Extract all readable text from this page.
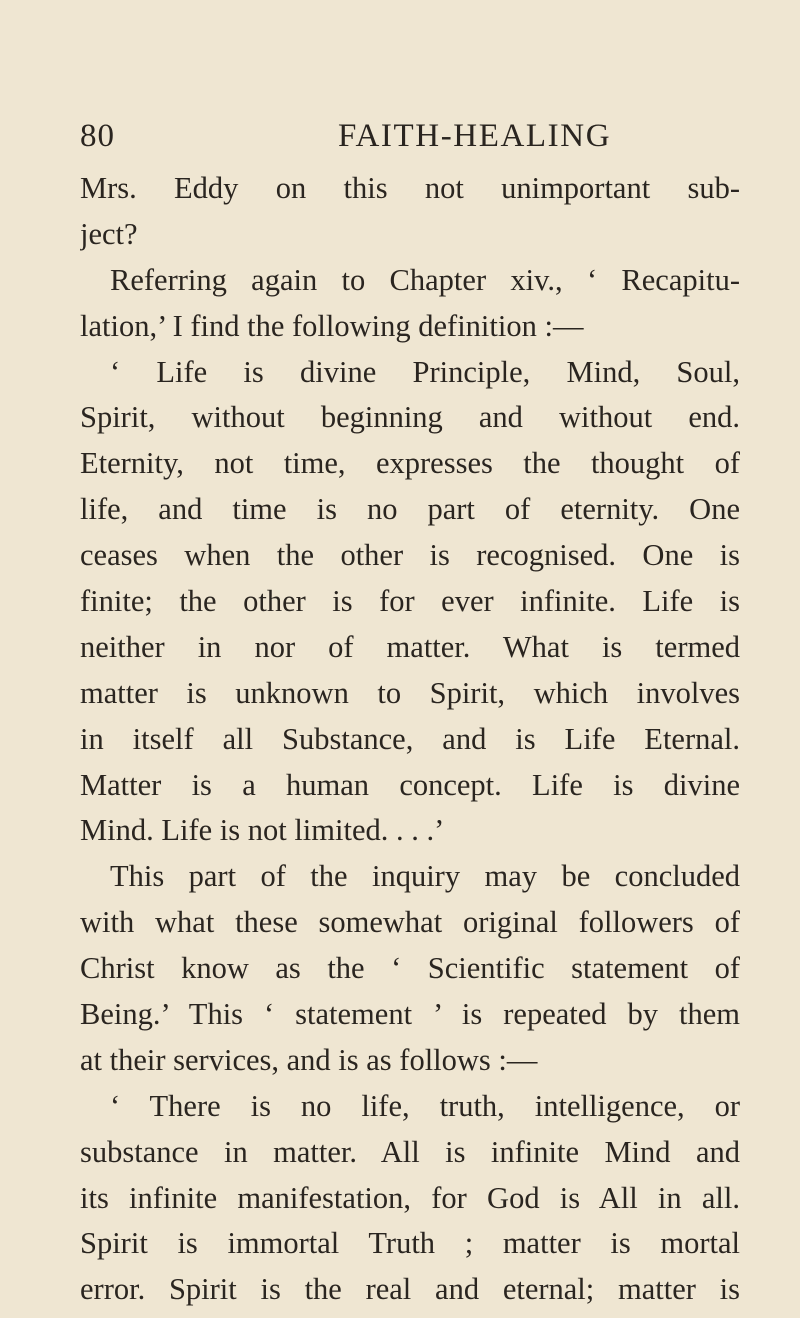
80	FAITH-HEALING
Mrs. Eddy on this not unimportant sub-
ject?
Referring again to Chapter xiv., ‘ Recapitu-
lation,’ I find the following definition :—
‘ Life is divine Principle, Mind, Soul,
Spirit, without beginning and without end.
Eternity, not time, expresses the thought of
life, and time is no part of eternity. One
ceases when the other is recognised. One is
finite; the other is for ever infinite. Life is
neither in nor of matter. What is termed
matter is unknown to Spirit, which involves
in itself all Substance, and is Life Eternal.
Matter is a human concept. Life is divine
Mind. Life is not limited. . . .’
This part of the inquiry may be concluded
with what these somewhat original followers of
Christ know as the ‘ Scientific statement of
Being.’ This ‘ statement ’ is repeated by them
at their services, and is as follows :—
‘ There is no life, truth, intelligence, or
substance in matter. All is infinite Mind and
its infinite manifestation, for God is All in all.
Spirit is immortal Truth ; matter is mortal
error. Spirit is the real and eternal; matter is
